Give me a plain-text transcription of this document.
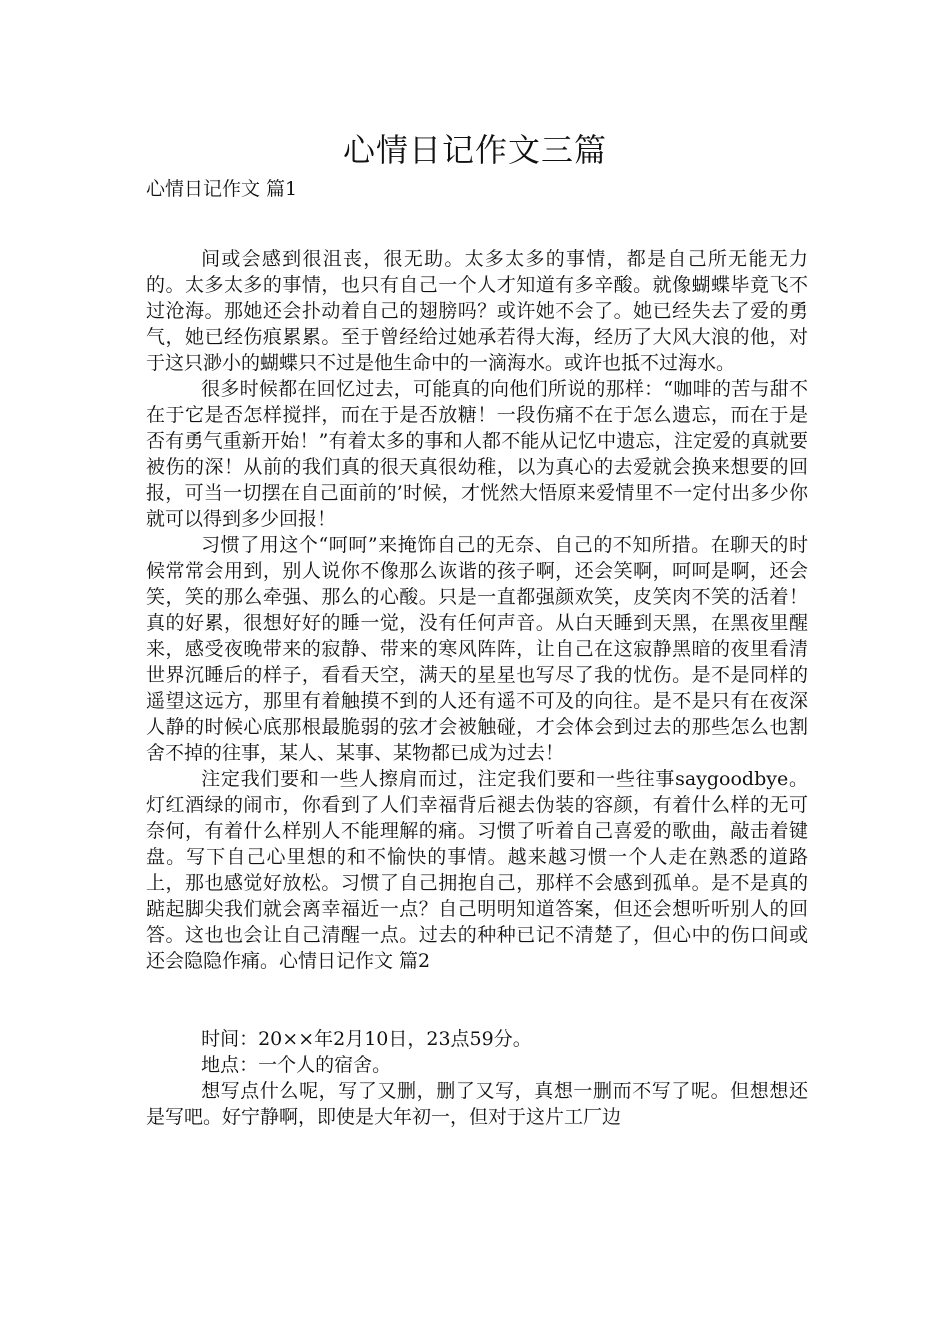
心情日记作文三篇
心情日记作文 篇1

间或会感到很沮丧，很无助。太多太多的事情，都是自己所无能无力的。太多太多的事情，也只有自己一个人才知道有多辛酸。就像蝴蝶毕竟飞不过沧海。那她还会扑动着自己的翅膀吗？或许她不会了。她已经失去了爱的勇气，她已经伤痕累累。至于曾经给过她承若得大海，经历了大风大浪的他，对于这只渺小的蝴蝶只不过是他生命中的一滴海水。或许也抵不过海水。

很多时候都在回忆过去，可能真的向他们所说的那样：“咖啡的苦与甜不在于它是否怎样搅拌，而在于是否放糖！一段伤痛不在于怎么遗忘，而在于是否有勇气重新开始！”有着太多的事和人都不能从记忆中遗忘，注定爱的真就要被伤的深！从前的我们真的很天真很幼稚，以为真心的去爱就会换来想要的回报，可当一切摆在自己面前的’时候，才恍然大悟原来爱情里不一定付出多少你就可以得到多少回报！

习惯了用这个“呵呵”来掩饰自己的无奈、自己的不知所措。在聊天的时候常常会用到，别人说你不像那么诙谐的孩子啊，还会笑啊，呵呵是啊，还会笑，笑的那么牵强、那么的心酸。只是一直都强颜欢笑，皮笑肉不笑的活着！真的好累，很想好好的睡一觉，没有任何声音。从白天睡到天黑，在黑夜里醒来，感受夜晚带来的寂静、带来的寒风阵阵，让自己在这寂静黑暗的夜里看清世界沉睡后的样子，看看天空，满天的星星也写尽了我的忧伤。是不是同样的遥望这远方，那里有着触摸不到的人还有遥不可及的向往。是不是只有在夜深人静的时候心底那根最脆弱的弦才会被触碰，才会体会到过去的那些怎么也割舍不掉的往事，某人、某事、某物都已成为过去！

注定我们要和一些人擦肩而过，注定我们要和一些往事saygoodbye。灯红酒绿的闹市，你看到了人们幸福背后褪去伪装的容颜，有着什么样的无可奈何，有着什么样别人不能理解的痛。习惯了听着自己喜爱的歌曲，敲击着键盘。写下自己心里想的和不愉快的事情。越来越习惯一个人走在熟悉的道路上，那也感觉好放松。习惯了自己拥抱自己，那样不会感到孤单。是不是真的踮起脚尖我们就会离幸福近一点？自己明明知道答案，但还会想听听别人的回答。这也也会让自己清醒一点。过去的种种已记不清楚了，但心中的伤口间或还会隐隐作痛。心情日记作文 篇2

时间：20××年2月10日，23点59分。

地点：一个人的宿舍。

想写点什么呢，写了又删，删了又写，真想一删而不写了呢。但想想还是写吧。好宁静啊，即使是大年初一，但对于这片工厂边
